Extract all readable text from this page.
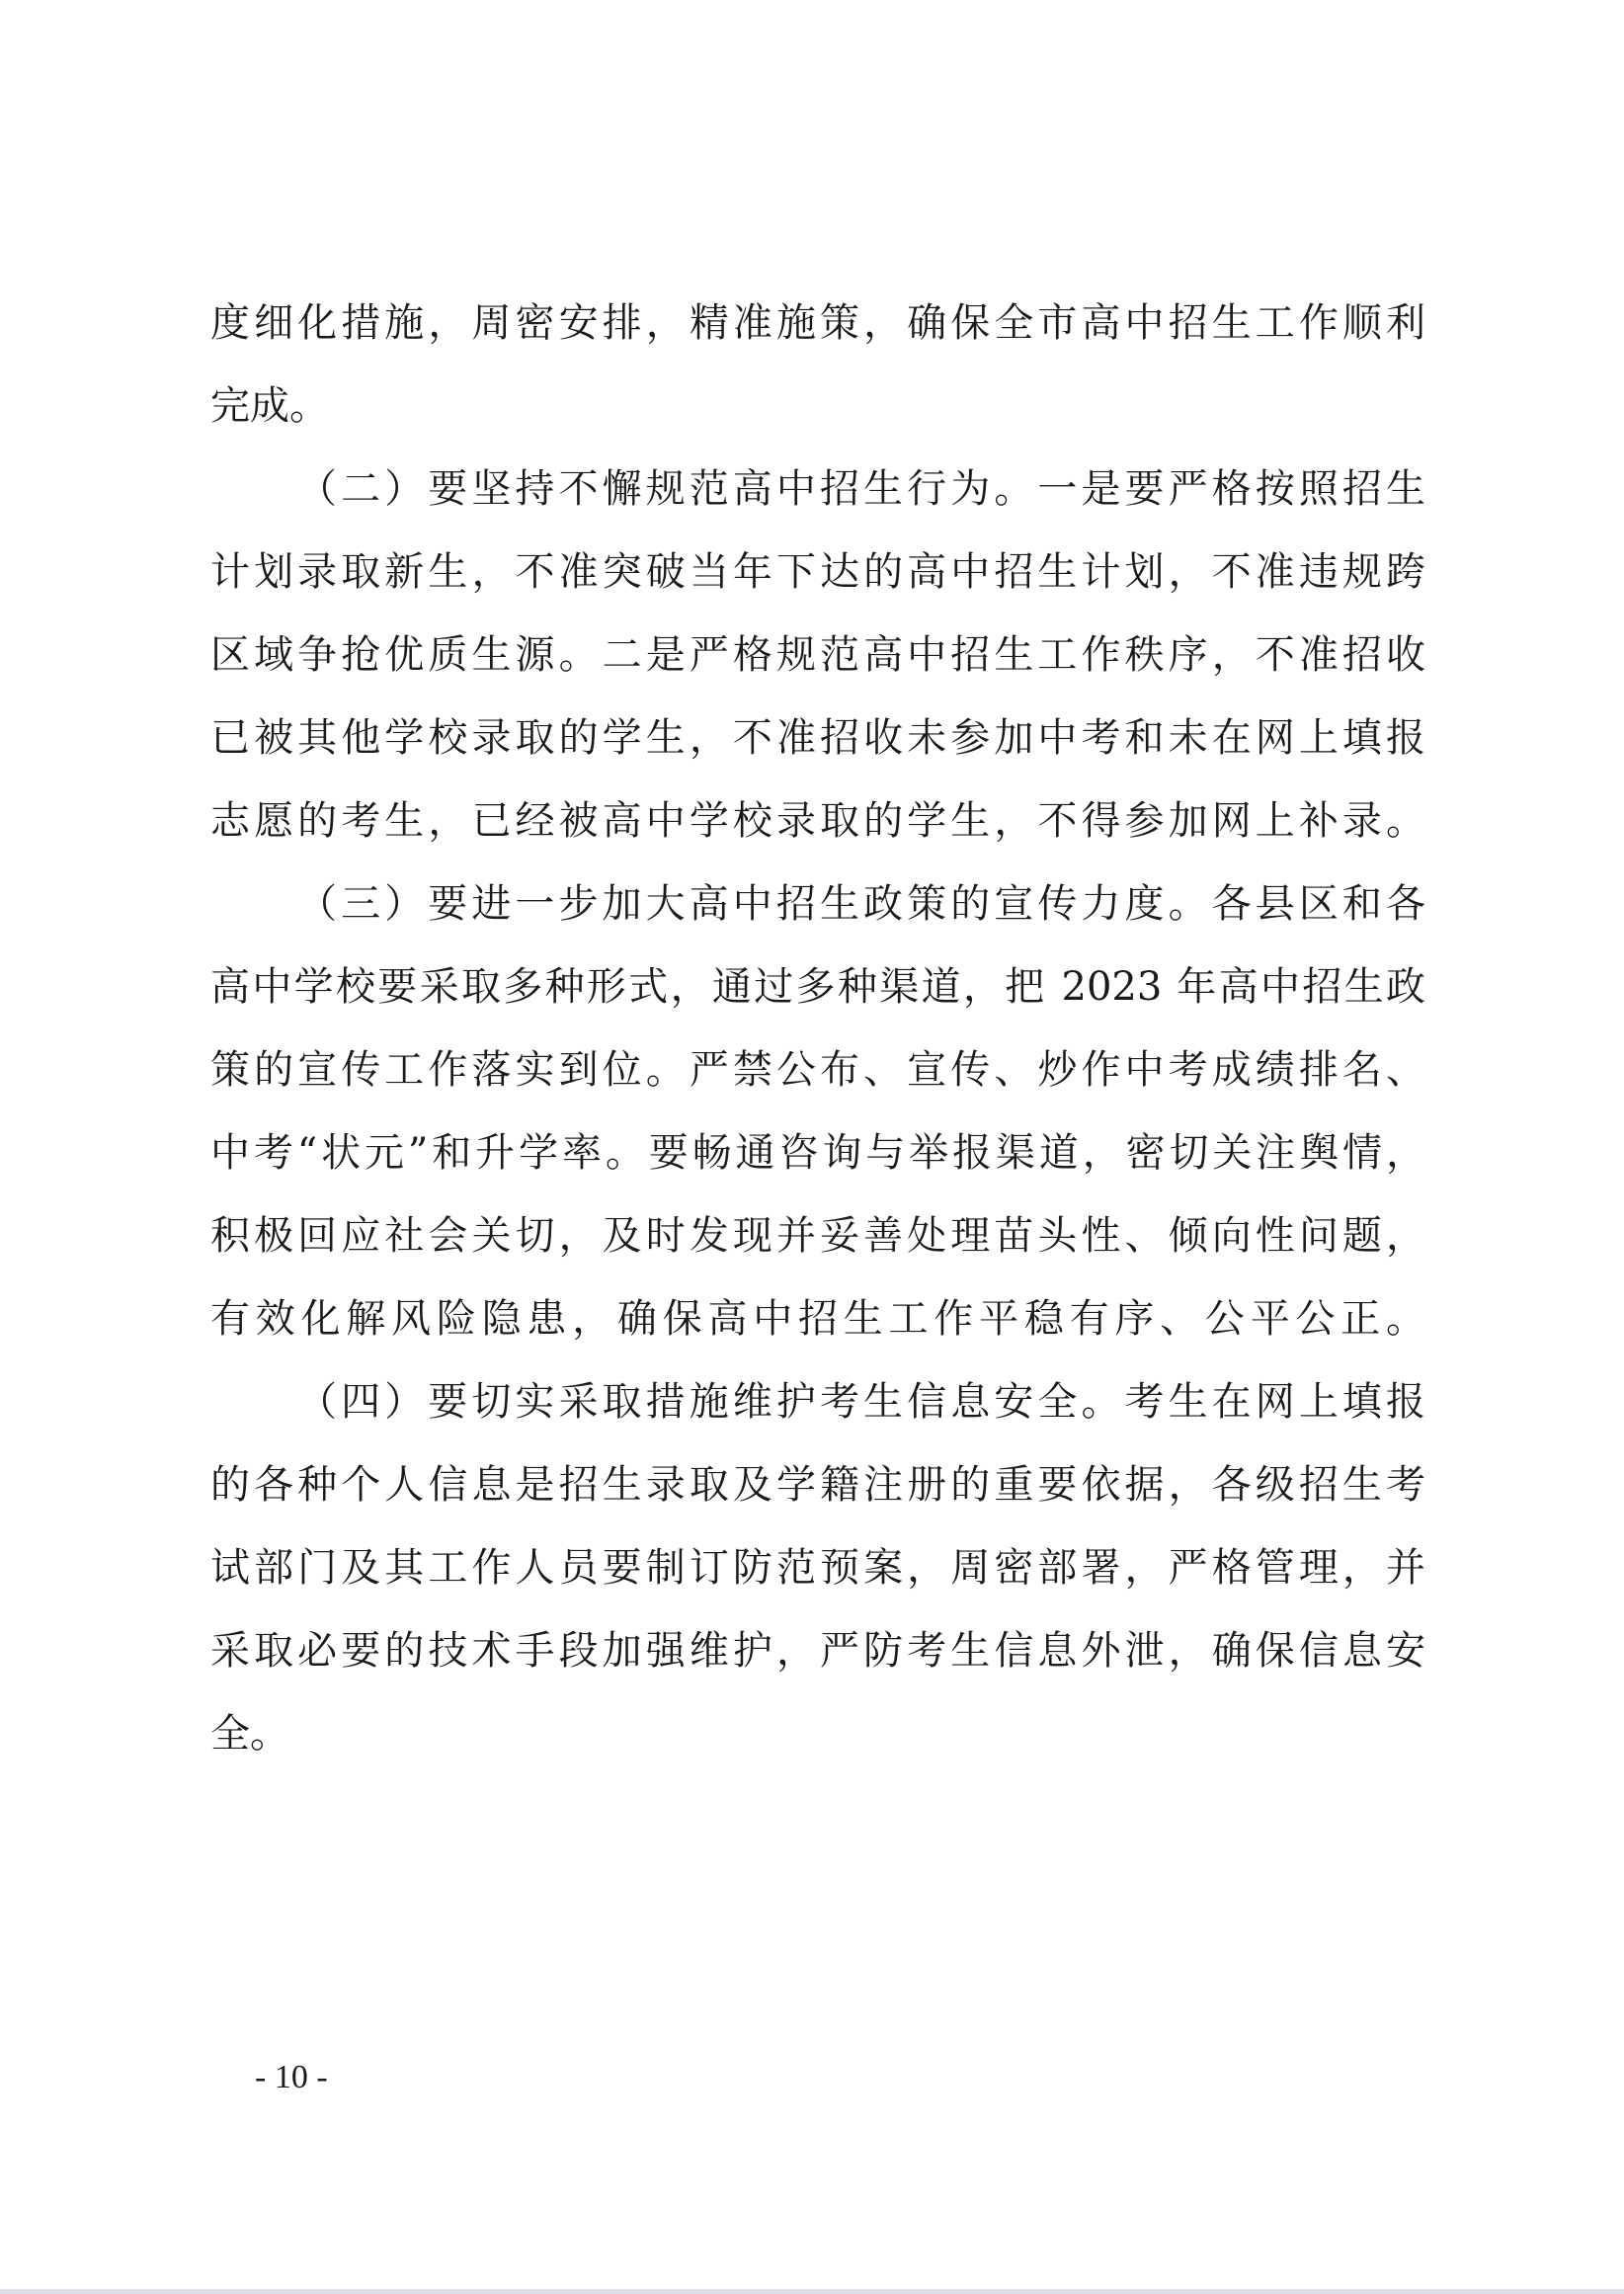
度细化措施，周密安排，精准施策，确保全市高中招生工作顺利
完成。
（二）要坚持不懈规范高中招生行为。一是要严格按照招生
计划录取新生，不准突破当年下达的高中招生计划，不准违规跨
区域争抢优质生源。二是严格规范高中招生工作秩序，不准招收
已被其他学校录取的学生，不准招收未参加中考和未在网上填报
志愿的考生，已经被高中学校录取的学生，不得参加网上补录。
（三）要进一步加大高中招生政策的宣传力度。各县区和各
高中学校要采取多种形式，通过多种渠道，把 2023 年高中招生政
策的宣传工作落实到位。严禁公布、宣传、炒作中考成绩排名、
中考“状元”和升学率。要畅通咨询与举报渠道，密切关注舆情，
积极回应社会关切，及时发现并妥善处理苗头性、倾向性问题，
有效化解风险隐患，确保高中招生工作平稳有序、公平公正。
（四）要切实采取措施维护考生信息安全。考生在网上填报
的各种个人信息是招生录取及学籍注册的重要依据，各级招生考
试部门及其工作人员要制订防范预案，周密部署，严格管理，并
采取必要的技术手段加强维护，严防考生信息外泄，确保信息安
全。
- 10 -
